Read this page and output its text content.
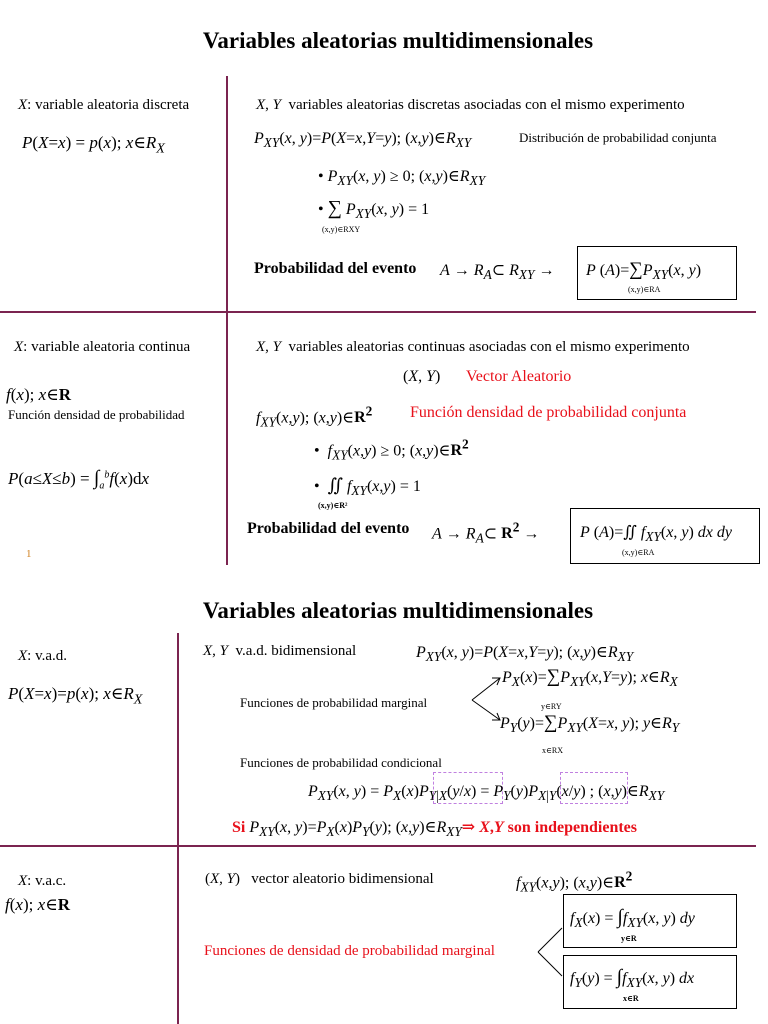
Variables aleatorias multidimensionales
X: variable aleatoria discreta
P(X=x) = p(x); $x\in R_X$
X, Y  variables aleatorias discretas asociadas con el mismo experimento
$P_{XY}(x$, y)=P(X=x,Y=y); $(x,y)\in R_{XY}$	Distribución de probabilidad conjunta
• $P_{XY}(x$, y) ≥ 0; $(x,y)\in R_{XY}$
• ∑ $P_{XY}(x$, y) = 1
(x,y)∈RXY
Probabilidad del evento $A \to R_A\subset$ $R_{XY} \to P$ $(A)=\sum P_{XY}(x$, y)
(x,y)∈RA
X: variable aleatoria continua
f(x); x∈R
Función densidad de probabilidad
$P(a\le X\le b) = \int_a^bf(x)dx$
1
X, Y  variables aleatorias continuas asociadas con el mismo experimento
(X, Y) Vector Aleatorio
$f_{XY}(x,y)$; $(x,y)\in R^2$ Función densidad de probabilidad conjunta
•  $f_{XY}(x,y) \ge 0$; $(x,y)\in R^2$
•  ∬ $f_{XY}(x,y) = 1$
(x,y)∈R²
Probabilidad del evento $A \to R_A\subset$ $R^2$ →	P (A)=∬ $f_{XY}(x$, y) dx dy
(x,y)∈RA
Variables aleatorias multidimensionales
X: v.a.d.
P(X=x)=p(x); $x\in R_X$
X, Y  v.a.d. bidimensional	$P_{XY}(x$, y)=P(X=x,Y=y); $(x,y)\in R_{XY}$
Funciones de probabilidad marginal
$P_X(x)=\sum P_{XY}(x,Y=y)$; $x\in R_X$
y∈RY
$P_Y(y)=\sum P_{XY}(X=x$, y); $y\in R_Y$
x∈RX
Funciones de probabilidad condicional
$P_{XY}(x$, $y) = P_X(x)P_{Y|X}(y/x) = P_Y(y)P_{X|Y}(x/y)$ ; $(x,y)\in R_{XY}$
Si $P_{XY}(x$, $y)=P_X(x)P_Y(y)$; $(x,y)\in R_{XY}\Rightarrow$ X,Y son independientes
X: v.a.c.
f(x); x∈R
(X, Y)   vector aleatorio bidimensional	$f_{XY}(x,y)$; $(x,y)\in R^2$
Funciones de densidad de probabilidad marginal
$f_X(x) = \int f_{XY}(x$, y) dy
y∈R
$f_Y(y) = \int f_{XY}(x$, y) dx
x∈R
